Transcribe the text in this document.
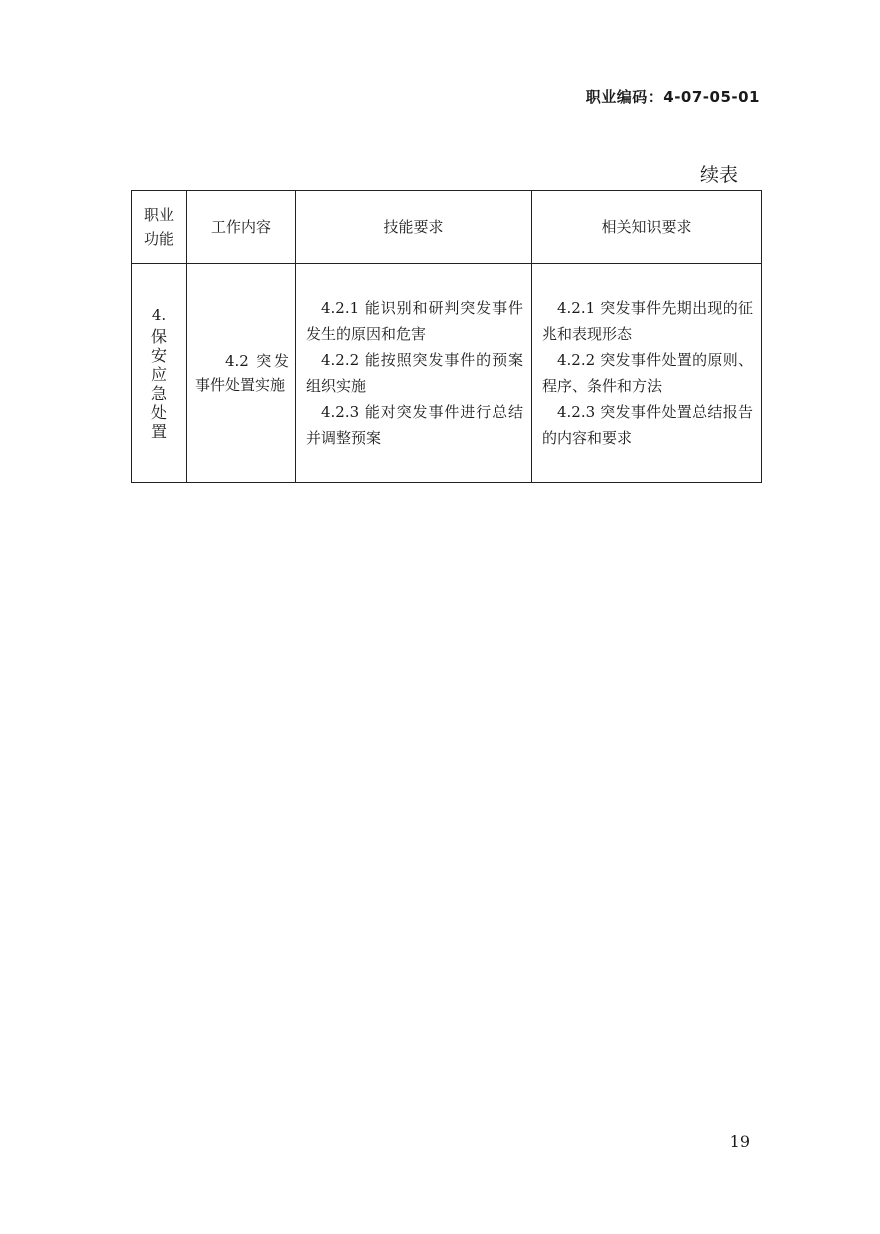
职业编码：4-07-05-01
续表
职业功能	工作内容	技能要求	相关知识要求

4.
保安应急处置	4.2 突发事件处置实施	4.2.1 能识别和研判突发事件发生的原因和危害
4.2.2 能按照突发事件的预案组织实施
4.2.3 能对突发事件进行总结并调整预案	4.2.1 突发事件先期出现的征兆和表现形态
4.2.2 突发事件处置的原则、程序、条件和方法
4.2.3 突发事件处置总结报告的内容和要求
19
